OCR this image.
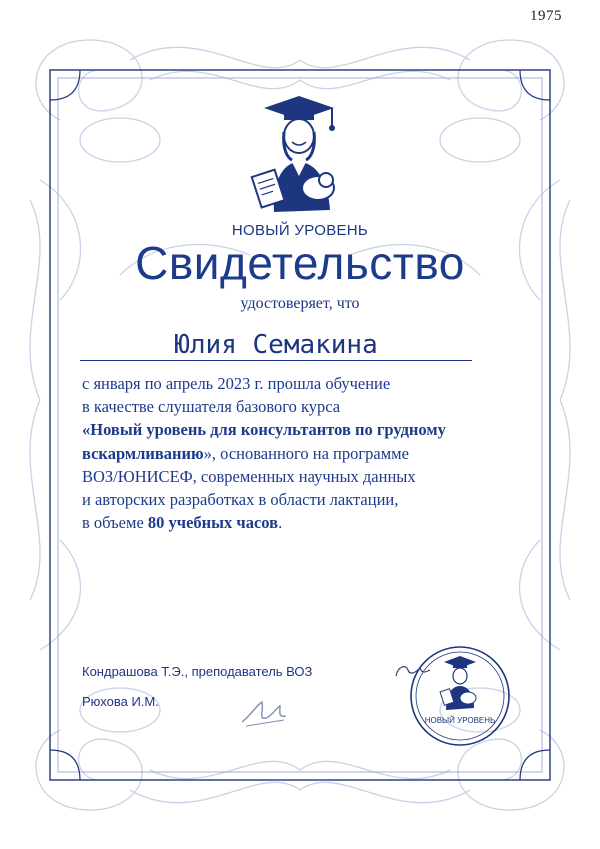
1975
НОВЫЙ УРОВЕНЬ
Свидетельство
удостоверяет, что
Юлия Семакина
с января по апрель 2023 г. прошла обучение
в качестве слушателя базового курса
«Новый уровень для консультантов по грудному
вскармливанию», основанного на программе
ВОЗ/ЮНИСЕФ, современных научных данных
и авторских разработках в области лактации,
в объеме 80 учебных часов.
Кондрашова Т.Э., преподаватель ВОЗ
Рюхова И.М.
НОВЫЙ УРОВЕНЬ
